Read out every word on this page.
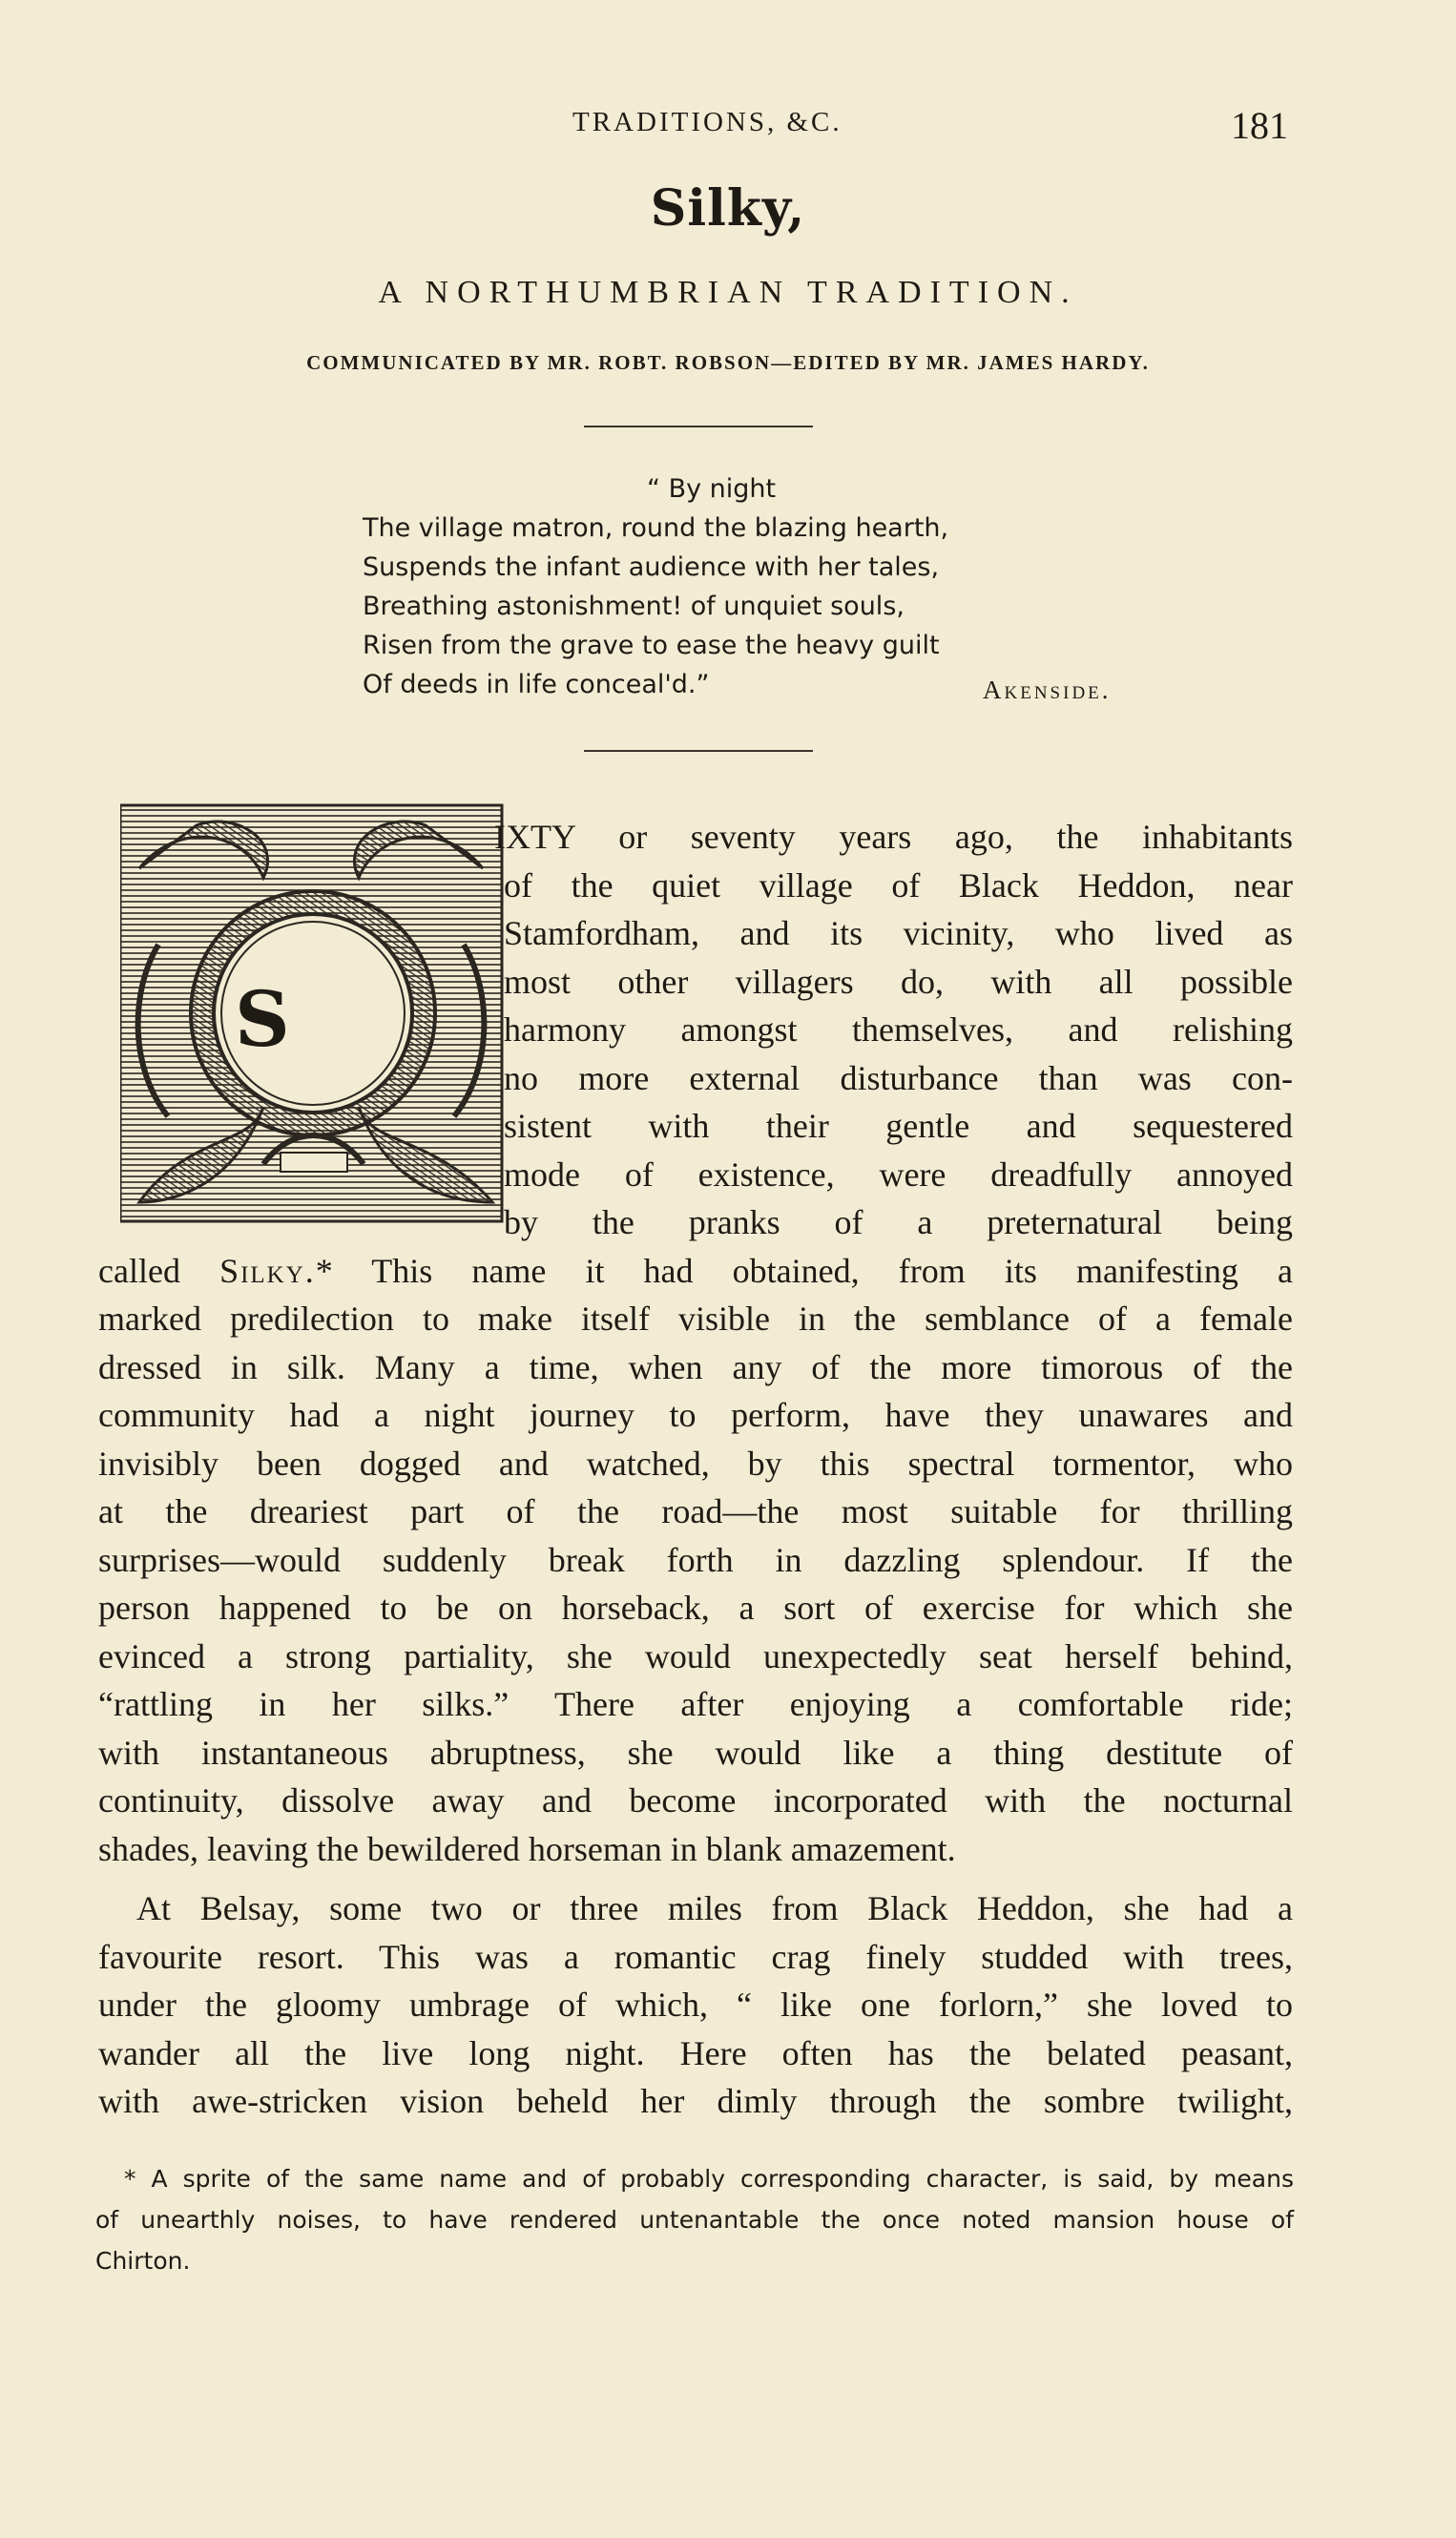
TRADITIONS, &C.	181
Silky,
A NORTHUMBRIAN TRADITION.
COMMUNICATED BY MR. ROBT. ROBSON—EDITED BY MR. JAMES HARDY.
“ By night
The village matron, round the blazing hearth,
Suspends the infant audience with her tales,
Breathing astonishment! of unquiet souls,
Risen from the grave to ease the heavy guilt
Of deeds in life conceal'd.”	Akenside.
S
IXTY or seventy years ago, the inhabitants
of the quiet village of Black Heddon, near
Stamfordham, and its vicinity, who lived as
most other villagers do, with all possible
harmony amongst themselves, and relishing
no more external disturbance than was con-
sistent with their gentle and sequestered
mode of existence, were dreadfully annoyed
by the pranks of a preternatural being
called Silky.* This name it had obtained, from its manifesting a
marked predilection to make itself visible in the semblance of a female
dressed in silk. Many a time, when any of the more timorous of the
community had a night journey to perform, have they unawares and
invisibly been dogged and watched, by this spectral tormentor, who
at the dreariest part of the road—the most suitable for thrilling
surprises—would suddenly break forth in dazzling splendour. If the
person happened to be on horseback, a sort of exercise for which she
evinced a strong partiality, she would unexpectedly seat herself behind,
“rattling in her silks.” There after enjoying a comfortable ride;
with instantaneous abruptness, she would like a thing destitute of
continuity, dissolve away and become incorporated with the nocturnal
shades, leaving the bewildered horseman in blank amazement.
At Belsay, some two or three miles from Black Heddon, she had a
favourite resort. This was a romantic crag finely studded with trees,
under the gloomy umbrage of which, “ like one forlorn,” she loved to
wander all the live long night. Here often has the belated peasant,
with awe-stricken vision beheld her dimly through the sombre twilight,
* A sprite of the same name and of probably corresponding character, is said, by means
of unearthly noises, to have rendered untenantable the once noted mansion house of
Chirton.
